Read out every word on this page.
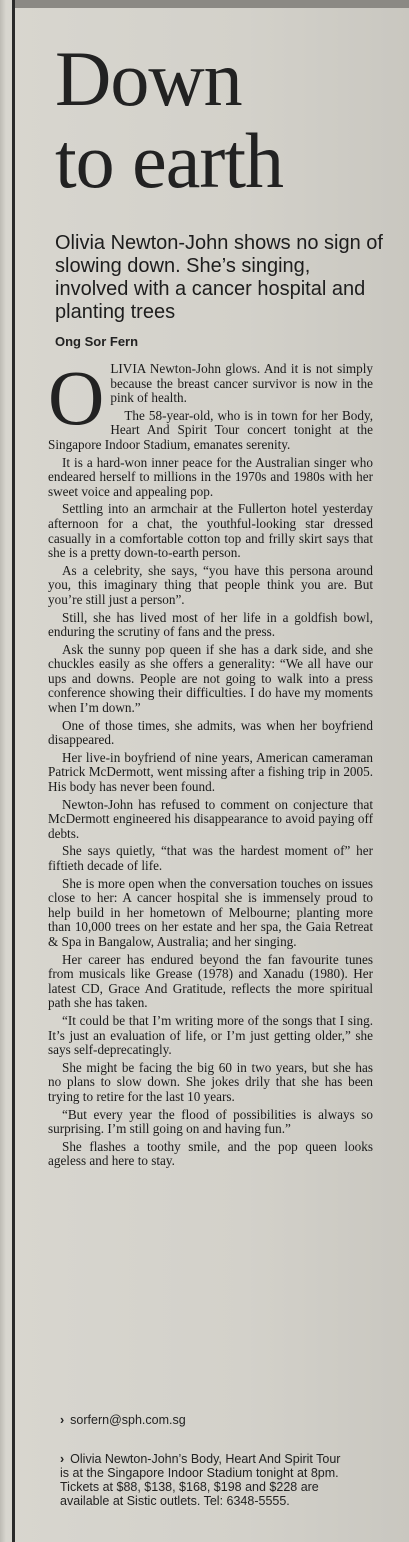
Down
to earth

Olivia Newton-John shows no sign of slowing down. She’s singing, involved with a cancer hospital and planting trees

Ong Sor Fern

O LIVIA Newton-John glows. And it is not simply because the breast cancer survivor is now in the pink of health.

The 58-year-old, who is in town for her Body, Heart And Spirit Tour concert tonight at the Singapore Indoor Stadium, emanates serenity.

It is a hard-won inner peace for the Australian singer who endeared herself to millions in the 1970s and 1980s with her sweet voice and appealing pop.

Settling into an armchair at the Fullerton hotel yesterday afternoon for a chat, the youthful-looking star dressed casually in a comfortable cotton top and frilly skirt says that she is a pretty down-to-earth person.

As a celebrity, she says, “you have this persona around you, this imaginary thing that people think you are. But you’re still just a person”.

Still, she has lived most of her life in a goldfish bowl, enduring the scrutiny of fans and the press.

Ask the sunny pop queen if she has a dark side, and she chuckles easily as she offers a generality: “We all have our ups and downs. People are not going to walk into a press conference showing their difficulties. I do have my moments when I’m down.”

One of those times, she admits, was when her boyfriend disappeared.

Her live-in boyfriend of nine years, American cameraman Patrick McDermott, went missing after a fishing trip in 2005. His body has never been found.

Newton-John has refused to comment on conjecture that McDermott engineered his disappearance to avoid paying off debts.

She says quietly, “that was the hardest moment of” her fiftieth decade of life.

She is more open when the conversation touches on issues close to her: A cancer hospital she is immensely proud to help build in her hometown of Melbourne; planting more than 10,000 trees on her estate and her spa, the Gaia Retreat & Spa in Bangalow, Australia; and her singing.

Her career has endured beyond the fan favourite tunes from musicals like Grease (1978) and Xanadu (1980). Her latest CD, Grace And Gratitude, reflects the more spiritual path she has taken.

“It could be that I’m writing more of the songs that I sing. It’s just an evaluation of life, or I’m just getting older,” she says self-deprecatingly.

She might be facing the big 60 in two years, but she has no plans to slow down. She jokes drily that she has been trying to retire for the last 10 years.

“But every year the flood of possibilities is always so surprising. I’m still going on and having fun.”

She flashes a toothy smile, and the pop queen looks ageless and here to stay.

› sorfern@sph.com.sg
› Olivia Newton-John’s Body, Heart And Spirit Tour is at the Singapore Indoor Stadium tonight at 8pm. Tickets at $88, $138, $168, $198 and $228 are available at Sistic outlets. Tel: 6348-5555.
